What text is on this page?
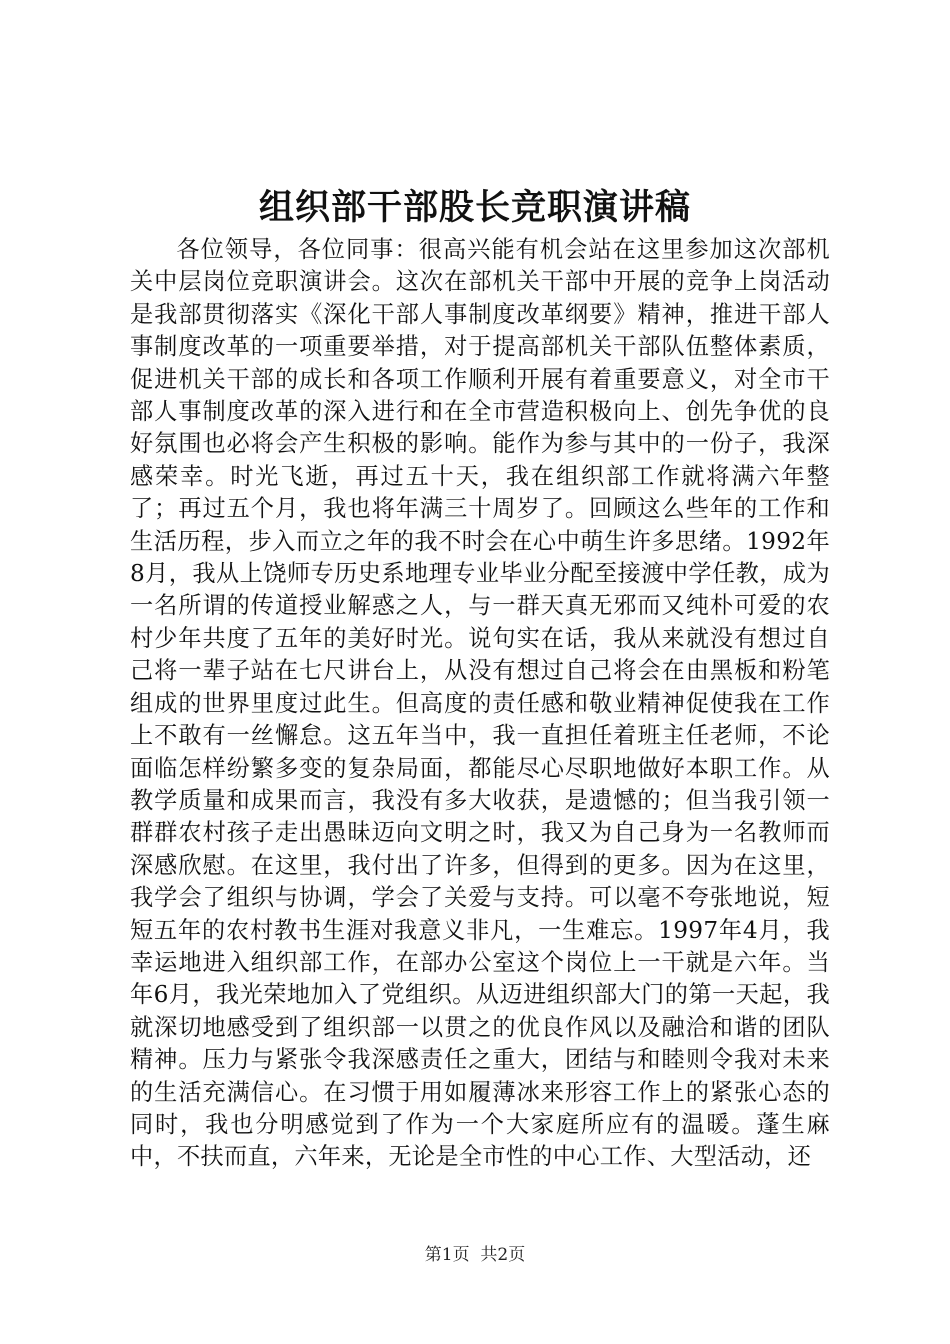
组织部干部股长竞职演讲稿

各位领导，各位同事：很高兴能有机会站在这里参加这次部机关中层岗位竞职演讲会。这次在部机关干部中开展的竞争上岗活动是我部贯彻落实《深化干部人事制度改革纲要》精神，推进干部人事制度改革的一项重要举措，对于提高部机关干部队伍整体素质，促进机关干部的成长和各项工作顺利开展有着重要意义，对全市干部人事制度改革的深入进行和在全市营造积极向上、创先争优的良好氛围也必将会产生积极的影响。能作为参与其中的一份子，我深感荣幸。时光飞逝，再过五十天，我在组织部工作就将满六年整了；再过五个月，我也将年满三十周岁了。回顾这么些年的工作和生活历程，步入而立之年的我不时会在心中萌生许多思绪。1992年8月，我从上饶师专历史系地理专业毕业分配至接渡中学任教，成为一名所谓的传道授业解惑之人，与一群天真无邪而又纯朴可爱的农村少年共度了五年的美好时光。说句实在话，我从来就没有想过自己将一辈子站在七尺讲台上，从没有想过自己将会在由黑板和粉笔组成的世界里度过此生。但高度的责任感和敬业精神促使我在工作上不敢有一丝懈怠。这五年当中，我一直担任着班主任老师，不论面临怎样纷繁多变的复杂局面，都能尽心尽职地做好本职工作。从教学质量和成果而言，我没有多大收获，是遗憾的；但当我引领一群群农村孩子走出愚昧迈向文明之时，我又为自己身为一名教师而深感欣慰。在这里，我付出了许多，但得到的更多。因为在这里，我学会了组织与协调，学会了关爱与支持。可以毫不夸张地说，短短五年的农村教书生涯对我意义非凡，一生难忘。1997年4月，我幸运地进入组织部工作，在部办公室这个岗位上一干就是六年。当年6月，我光荣地加入了党组织。从迈进组织部大门的第一天起，我就深切地感受到了组织部一以贯之的优良作风以及融洽和谐的团队精神。压力与紧张令我深感责任之重大，团结与和睦则令我对未来的生活充满信心。在习惯于用如履薄冰来形容工作上的紧张心态的同时，我也分明感觉到了作为一个大家庭所应有的温暖。蓬生麻中，不扶而直，六年来，无论是全市性的中心工作、大型活动，还

第1页 共2页
